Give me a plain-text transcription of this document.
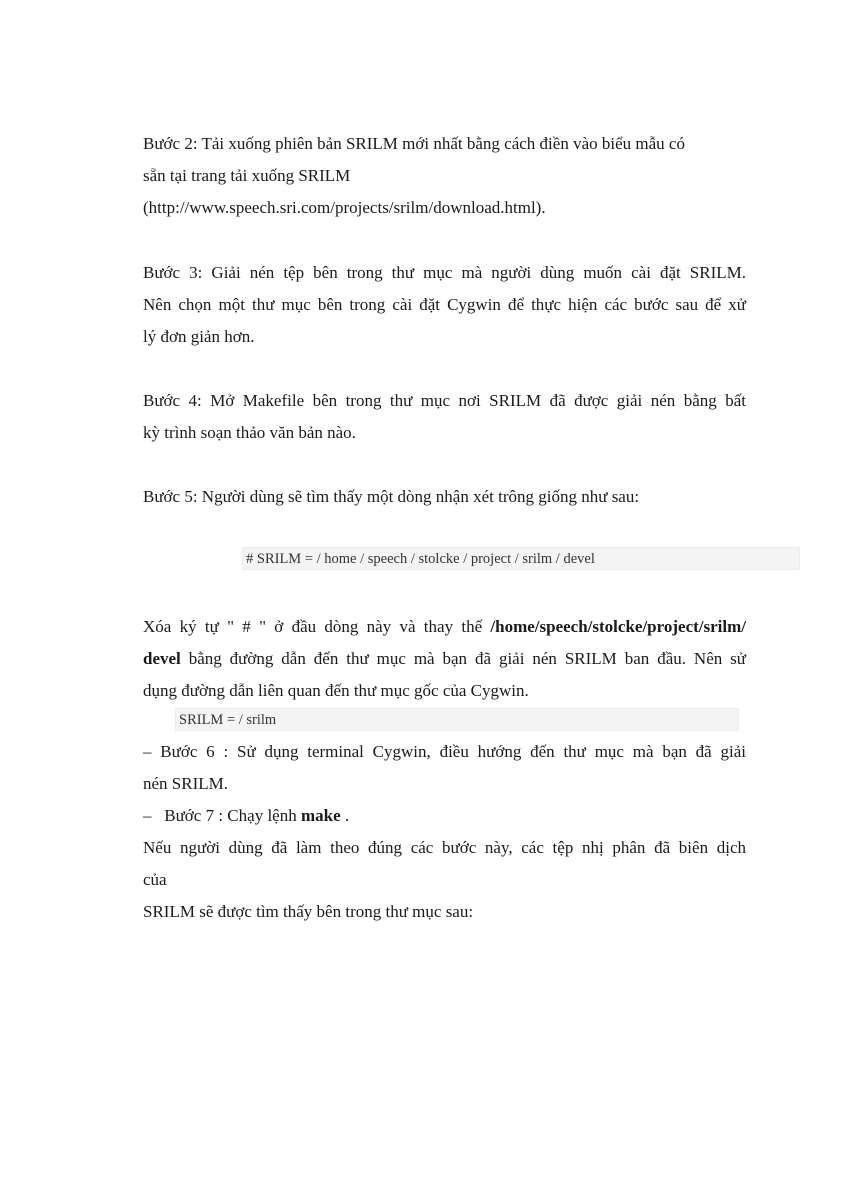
Bước 2: Tải xuống phiên bản SRILM mới nhất bằng cách điền vào biểu mẫu có

sẵn tại trang tải xuống SRILM

(http://www.speech.sri.com/projects/srilm/download.html).

Bước 3: Giải nén tệp bên trong thư mục mà người dùng muốn cài đặt SRILM.

Nên chọn một thư mục bên trong cài đặt Cygwin để thực hiện các bước sau để xử

lý đơn giản hơn.

Bước 4: Mở Makefile bên trong thư mục nơi SRILM đã được giải nén bằng bất

kỳ trình soạn thảo văn bản nào.

Bước 5: Người dùng sẽ tìm thấy một dòng nhận xét trông giống như sau:

# SRILM = / home / speech / stolcke / project / srilm / devel

Xóa ký tự " # " ở đầu dòng này và thay thế /home/speech/stolcke/project/srilm/

devel bằng đường dẫn đến thư mục mà bạn đã giải nén SRILM ban đầu. Nên sử

dụng đường dẫn liên quan đến thư mục gốc của Cygwin.

SRILM = / srilm

– Bước 6 : Sử dụng terminal Cygwin, điều hướng đến thư mục mà bạn đã giải

nén SRILM.

– Bước 7 : Chạy lệnh make .

Nếu người dùng đã làm theo đúng các bước này, các tệp nhị phân đã biên dịch

của

SRILM sẽ được tìm thấy bên trong thư mục sau:
